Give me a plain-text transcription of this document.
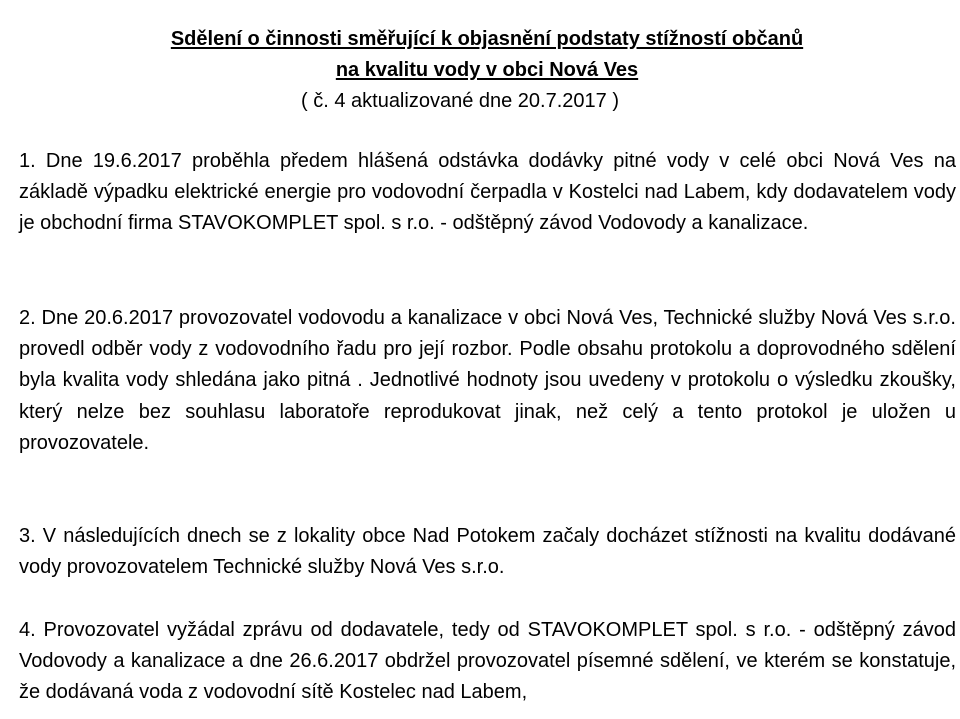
Sdělení o činnosti směřující k objasnění podstaty stížností občanů
na kvalitu vody v obci Nová Ves
( č. 4 aktualizované dne 20.7.2017 )
1. Dne 19.6.2017 proběhla předem hlášená odstávka dodávky pitné vody v celé obci Nová Ves na základě výpadku elektrické energie pro vodovodní čerpadla v Kostelci nad Labem, kdy dodavatelem vody je obchodní firma STAVOKOMPLET spol. s r.o. - odštěpný závod Vodovody a kanalizace.
2. Dne 20.6.2017 provozovatel vodovodu a kanalizace v obci Nová Ves, Technické služby Nová Ves s.r.o. provedl odběr vody z vodovodního řadu pro její rozbor. Podle obsahu protokolu a doprovodného sdělení byla kvalita vody shledána jako pitná . Jednotlivé hodnoty jsou uvedeny v protokolu o výsledku zkoušky, který nelze bez souhlasu laboratoře reprodukovat jinak, než celý a tento protokol je uložen u provozovatele.
3. V následujících dnech se z lokality obce Nad Potokem začaly docházet stížnosti na kvalitu dodávané vody provozovatelem Technické služby Nová Ves s.r.o.
4. Provozovatel vyžádal zprávu od dodavatele, tedy od STAVOKOMPLET spol. s r.o. - odštěpný závod Vodovody a kanalizace a dne 26.6.2017 obdržel provozovatel písemné sdělení, ve kterém se konstatuje, že dodávaná voda z vodovodní sítě Kostelec nad Labem,
